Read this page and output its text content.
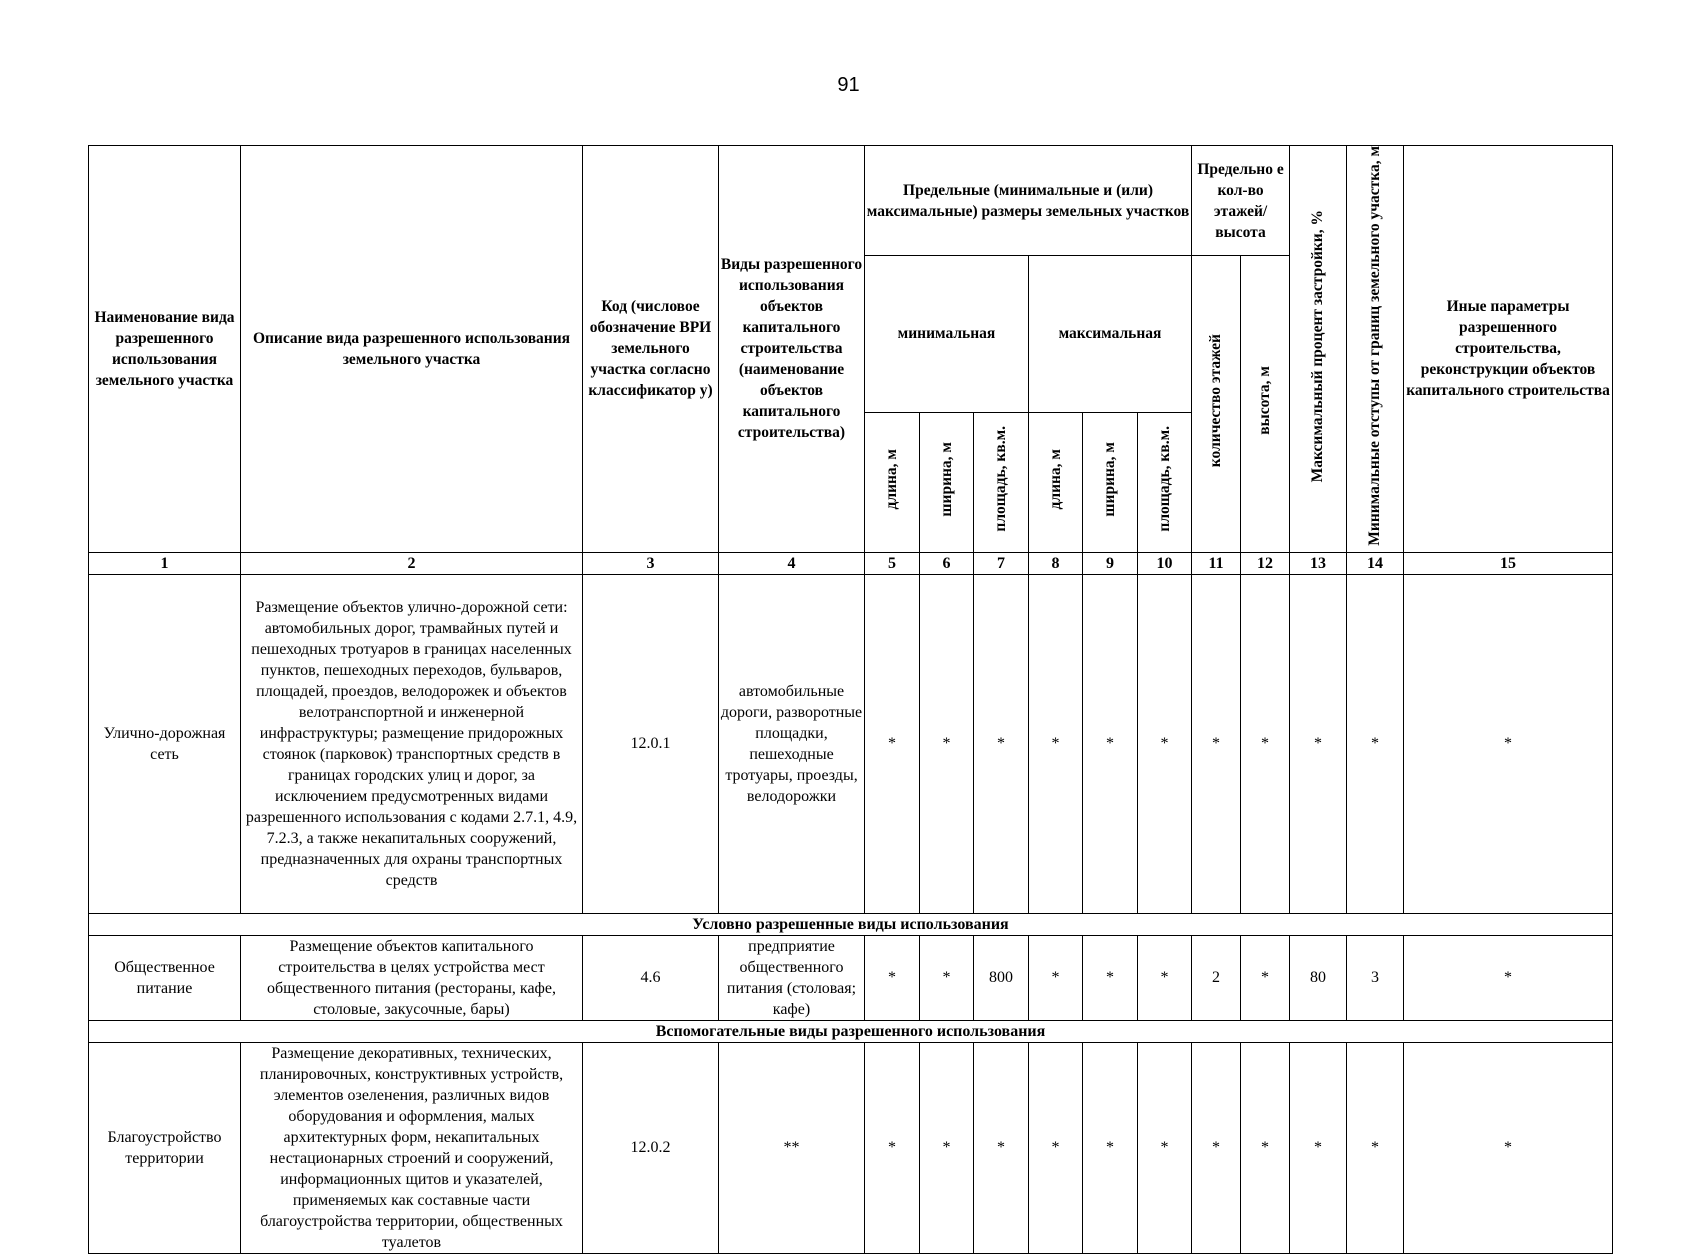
91
Наименование вида разрешенного использования земельного участка	Описание вида разрешенного использования земельного участка	Код (числовое обозначение ВРИ земельного участка согласно классификатор у)	Виды разрешенного использования объектов капитального строительства (наименование объектов капитального строительства)	Предельные (минимальные и (или) максимальные) размеры земельных участков						Предельно е кол-во этажей/ высота		Максимальный процент застройки, %	Минимальные отступы от границ земельного участка, м	Иные параметры разрешенного строительства, реконструкции объектов капитального строительства
				минимальная			максимальная			количество этажей	высота, м			
				длина, м	ширина, м	площадь, кв.м.	длина, м	ширина, м	площадь, кв.м.					
1	2	3	4	5	6	7	8	9	10	11	12	13	14	15
Улично-дорожная сеть	Размещение объектов улично-дорожной сети: автомобильных дорог, трамвайных путей и пешеходных тротуаров в границах населенных пунктов, пешеходных переходов, бульваров, площадей, проездов, велодорожек и объектов велотранспортной и инженерной инфраструктуры; размещение придорожных стоянок (парковок) транспортных средств в границах городских улиц и дорог, за исключением предусмотренных видами разрешенного использования с кодами 2.7.1, 4.9, 7.2.3, а также некапитальных сооружений, предназначенных для охраны транспортных средств	12.0.1	автомобильные дороги, разворотные площадки, пешеходные тротуары, проезды, велодорожки	*	*	*	*	*	*	*	*	*	*	*
Условно разрешенные виды использования														
Общественное питание	Размещение объектов капитального строительства в целях устройства мест общественного питания (рестораны, кафе, столовые, закусочные, бары)	4.6	предприятие общественного питания (столовая; кафе)	*	*	800	*	*	*	2	*	80	3	*
Вспомогательные виды разрешенного использования														
Благоустройство территории	Размещение декоративных, технических, планировочных, конструктивных устройств, элементов озеленения, различных видов оборудования и оформления, малых архитектурных форм, некапитальных нестационарных строений и сооружений, информационных щитов и указателей, применяемых как составные части благоустройства территории, общественных туалетов	12.0.2	**	*	*	*	*	*	*	*	*	*	*	*
